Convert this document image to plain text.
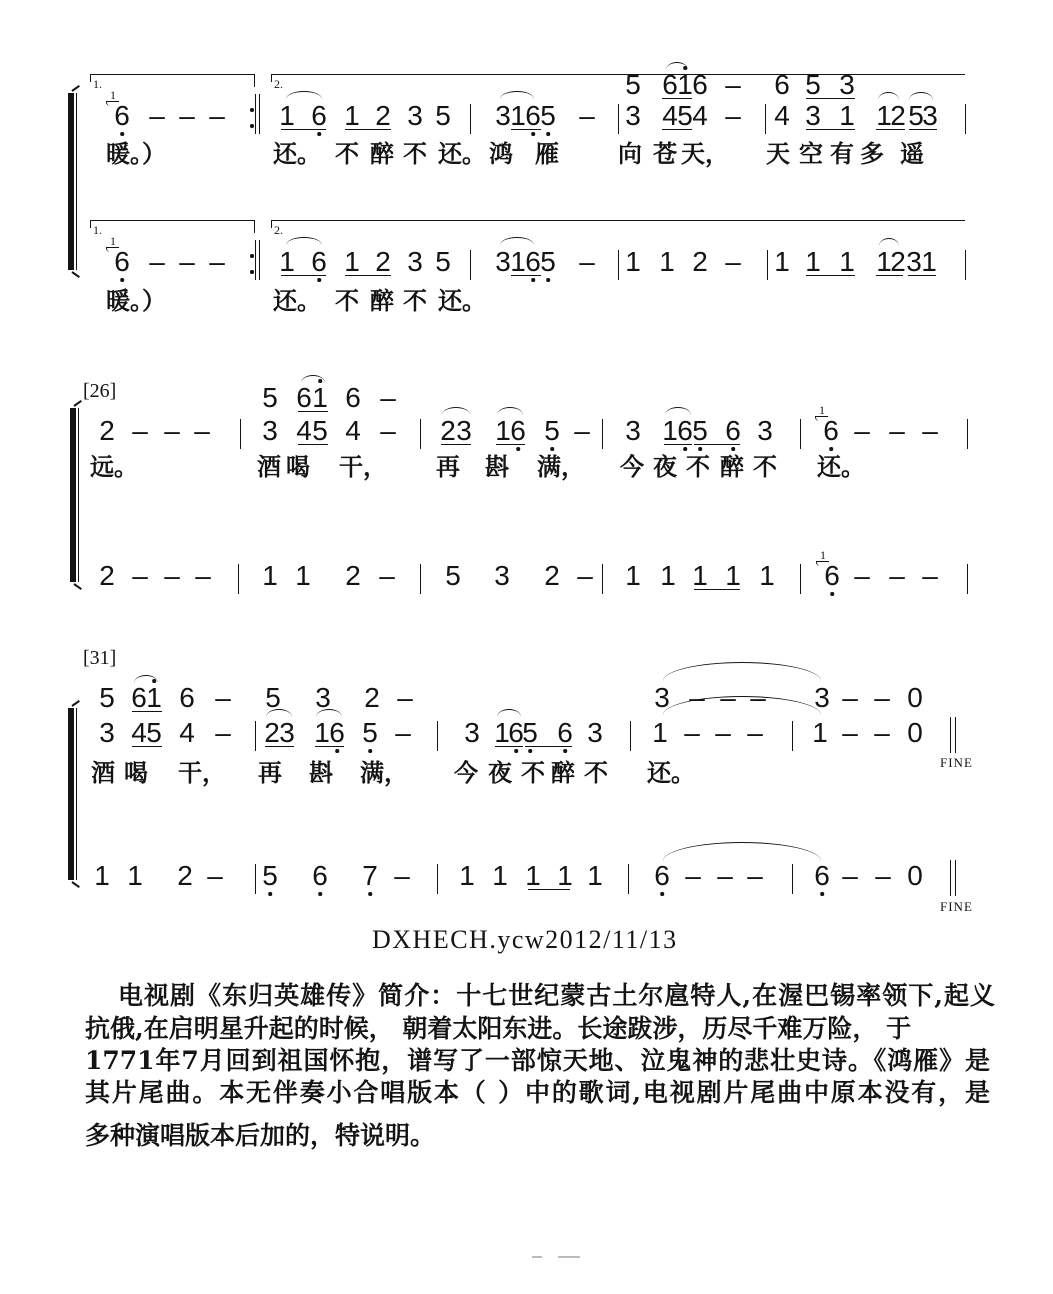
1.	2.	5 6 1 6 – 6 5 3
1
6 – – – 1 6 1 2 3 5 3 1 6 5 – 3 4 5 4 – 4 3 1 1
2 5
3
暖。）	还。 不 醉 不 还。 鸿 雁 向 苍 天， 天 空 有 多 遥
1.	2.
1
6 – – – 1 6 1 2 3 5 3 1 6 5 – 1 1 2 – 1 1 1 1
2 3 1
暖。）	还。 不 醉 不 还。
[26]	5 6 1 6 –
2 – – – 3 4 5 4 – 2 3 1 6 5 – 3 1 6 5 6 3
1
6 – – –
远。	酒 喝 干， 再 斟 满， 今 夜 不 醉 不 还。
2 – – – 1 1 2 – 5 3 2 – 1 1 1 1 1
1
6 – – –
[31]
5 6 1 6 – 5 3 2 –	3 – – – 3 – – 0
3 4 5 4 – 2 3 1 6 5 – 3 1
6
5 6 3 1 – – – 1 – – 0
FINE
酒 喝 干， 再 斟 满， 今 夜 不 醉 不 还。
1 1 2 – 5 6 7 – 1 1 1 1 1 6 – – – 6 – – 0
FINE
DXHECH.ycw2012/11/13
电视剧《东归英雄传》简介：十七世纪蒙古土尔扈特人,在渥巴锡率领下,起义
抗俄,在启明星升起的时候， 朝着太阳东进。长途跋涉，历尽千难万险， 于
1771年7月回到祖国怀抱，谱写了一部惊天地、泣鬼神的悲壮史诗。《鸿雁》是
其片尾曲。本无伴奏小合唱版本（ ）中的歌词,电视剧片尾曲中原本没有，是
多种演唱版本后加的，特说明。
